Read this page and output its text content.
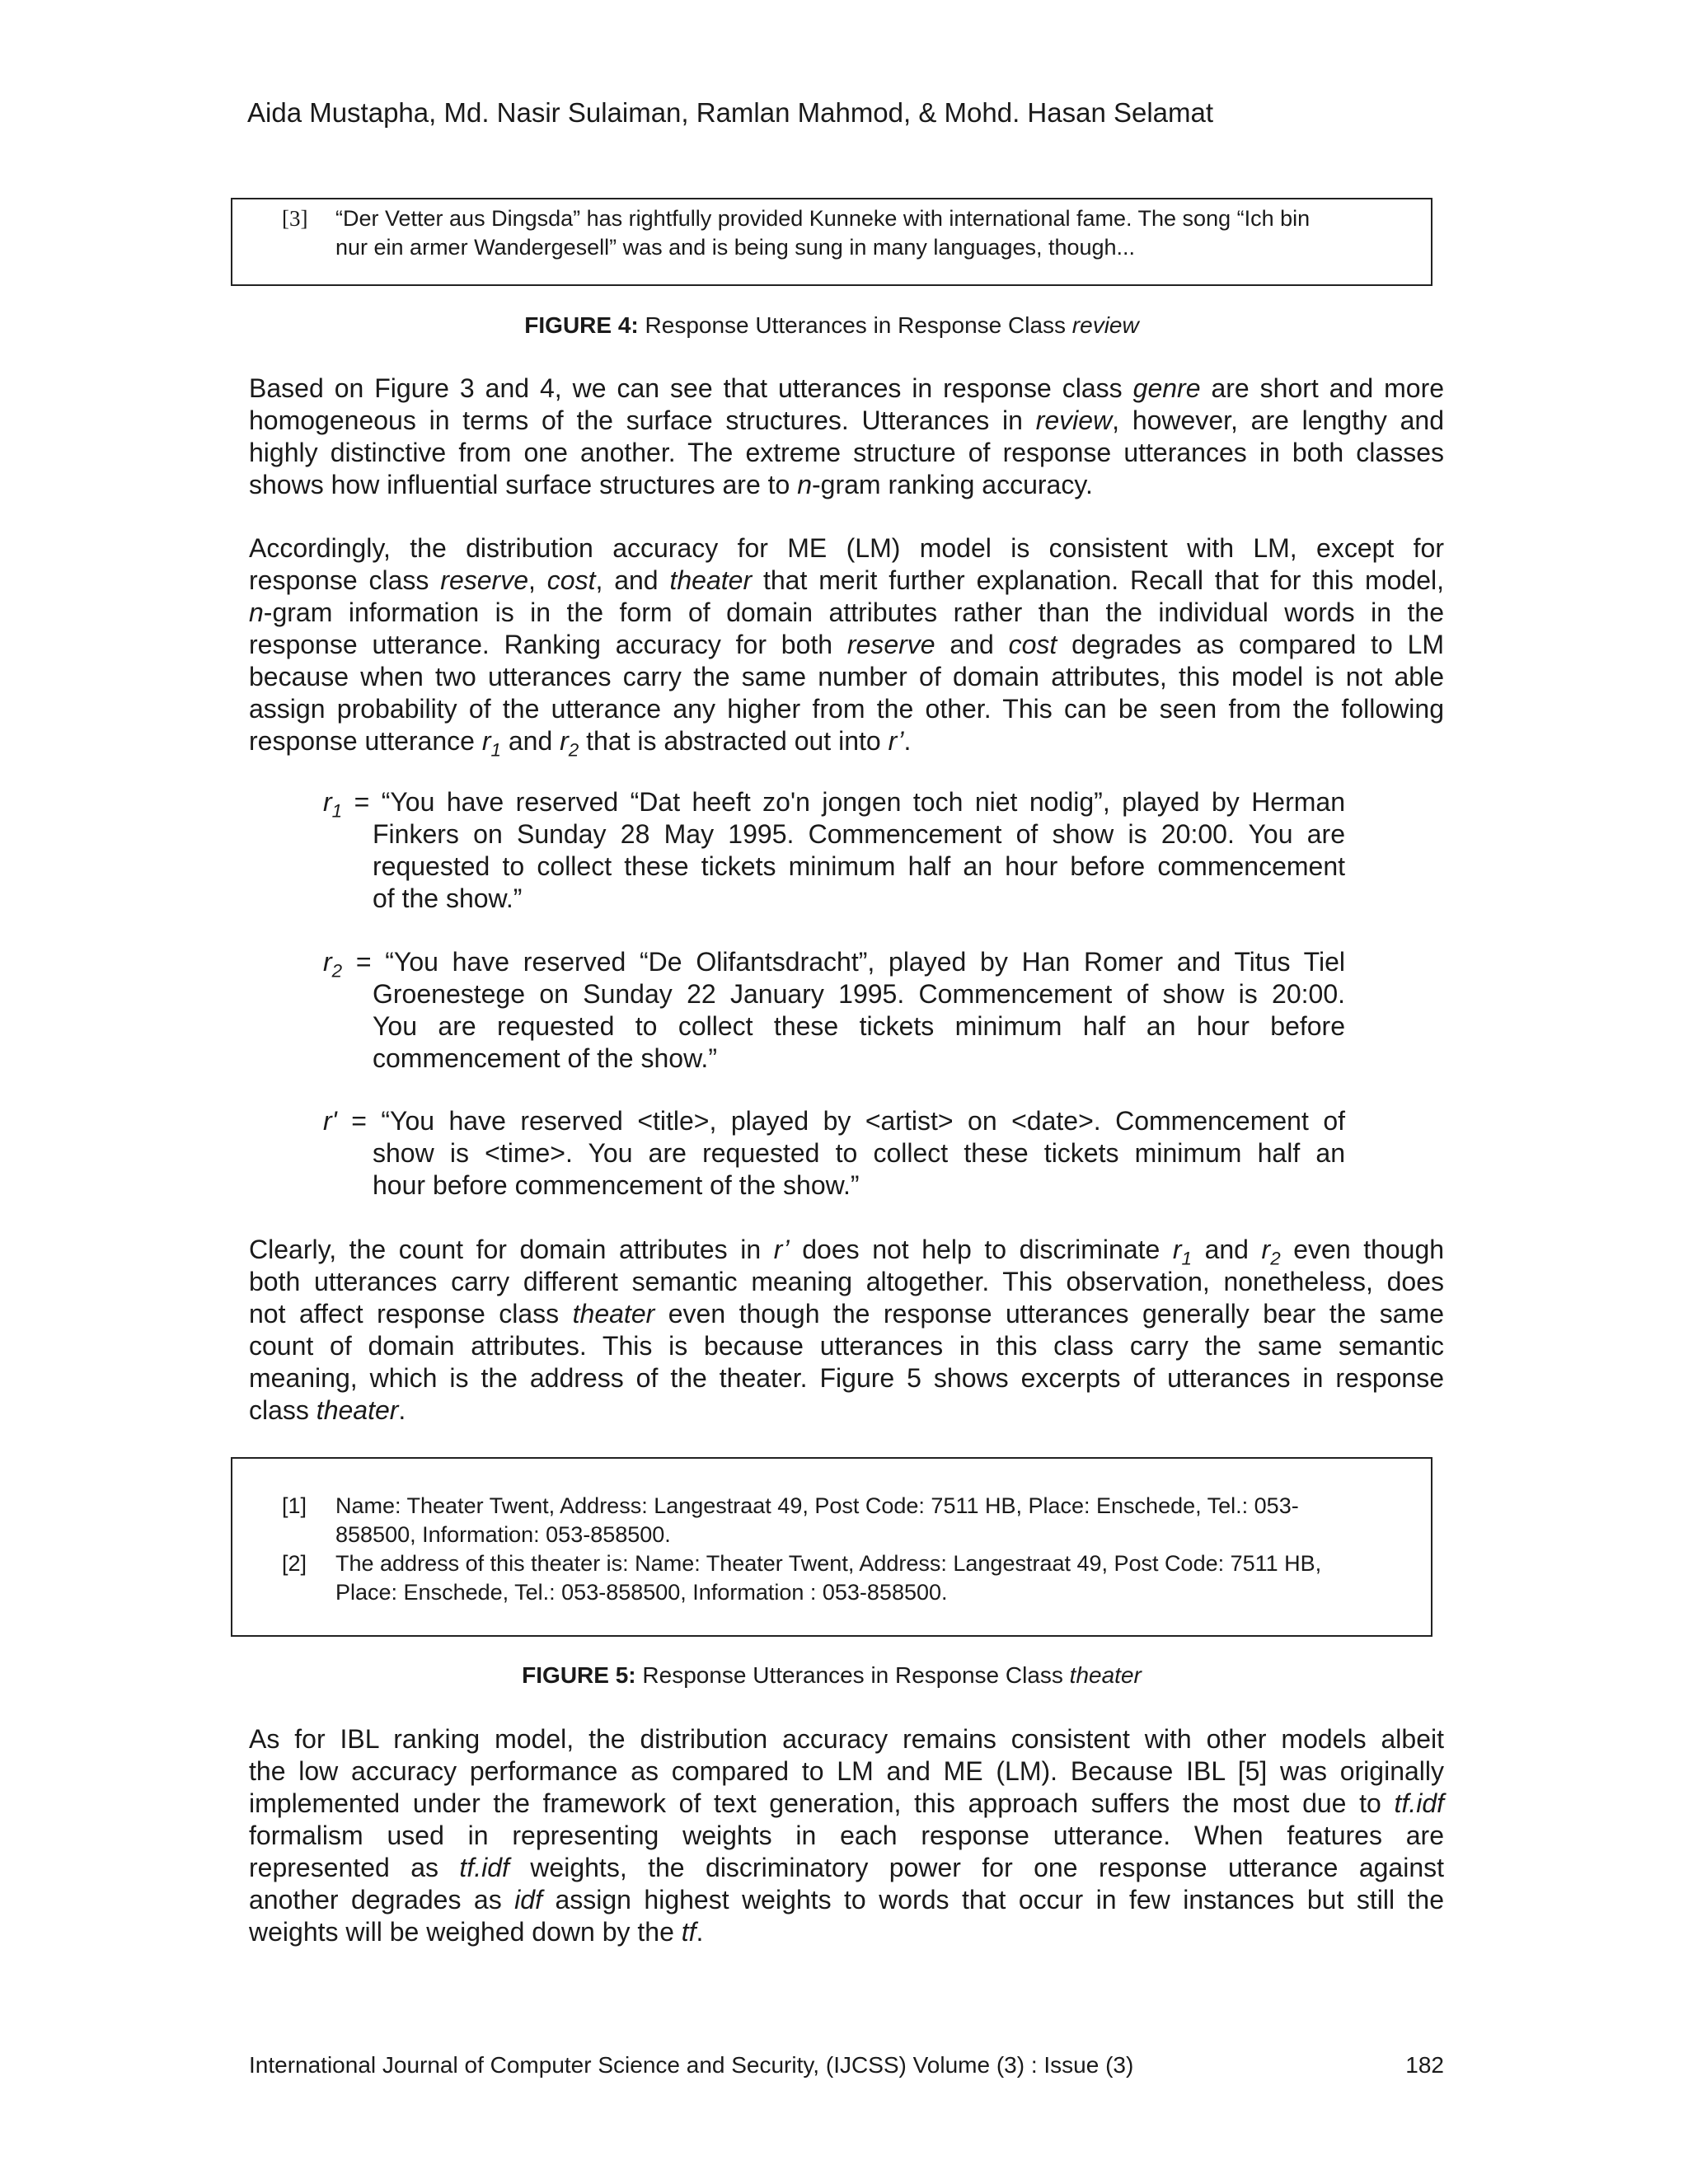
Aida Mustapha, Md. Nasir Sulaiman, Ramlan Mahmod, & Mohd. Hasan Selamat
[3] “Der Vetter aus Dingsda” has rightfully provided Kunneke with international fame. The song “Ich bin
nur ein armer Wandergesell” was and is being sung in many languages, though...
FIGURE 4: Response Utterances in Response Class review
Based on Figure 3 and 4, we can see that utterances in response class genre are short and more
homogeneous in terms of the surface structures. Utterances in review, however, are lengthy and
highly distinctive from one another. The extreme structure of response utterances in both classes
shows how influential surface structures are to n-gram ranking accuracy.
Accordingly, the distribution accuracy for ME (LM) model is consistent with LM, except for
response class reserve, cost, and theater that merit further explanation. Recall that for this model,
n-gram information is in the form of domain attributes rather than the individual words in the
response utterance. Ranking accuracy for both reserve and cost degrades as compared to LM
because when two utterances carry the same number of domain attributes, this model is not able
assign probability of the utterance any higher from the other. This can be seen from the following
response utterance $r_1$ and $r_2$ that is abstracted out into r’.
$r_1$ = “You have reserved “Dat heeft zo'n jongen toch niet nodig”, played by Herman
Finkers on Sunday 28 May 1995. Commencement of show is 20:00. You are
requested to collect these tickets minimum half an hour before commencement
of the show.”
$r_2$ = “You have reserved “De Olifantsdracht”, played by Han Romer and Titus Tiel
Groenestege on Sunday 22 January 1995. Commencement of show is 20:00.
You are requested to collect these tickets minimum half an hour before
commencement of the show.”
r' = “You have reserved <title>, played by <artist> on <date>. Commencement of
show is <time>. You are requested to collect these tickets minimum half an
hour before commencement of the show.”
Clearly, the count for domain attributes in r’ does not help to discriminate $r_1$ and $r_2$ even though
both utterances carry different semantic meaning altogether. This observation, nonetheless, does
not affect response class theater even though the response utterances generally bear the same
count of domain attributes. This is because utterances in this class carry the same semantic
meaning, which is the address of the theater. Figure 5 shows excerpts of utterances in response
class theater.
[1] Name: Theater Twent, Address: Langestraat 49, Post Code: 7511 HB, Place: Enschede, Tel.: 053-
858500, Information: 053-858500.
[2] The address of this theater is: Name: Theater Twent, Address: Langestraat 49, Post Code: 7511 HB,
Place: Enschede, Tel.: 053-858500, Information : 053-858500.
FIGURE 5: Response Utterances in Response Class theater
As for IBL ranking model, the distribution accuracy remains consistent with other models albeit
the low accuracy performance as compared to LM and ME (LM). Because IBL [5] was originally
implemented under the framework of text generation, this approach suffers the most due to tf.idf
formalism used in representing weights in each response utterance. When features are
represented as tf.idf weights, the discriminatory power for one response utterance against
another degrades as idf assign highest weights to words that occur in few instances but still the
weights will be weighed down by the tf.
International Journal of Computer Science and Security, (IJCSS) Volume (3) : Issue (3)	182
